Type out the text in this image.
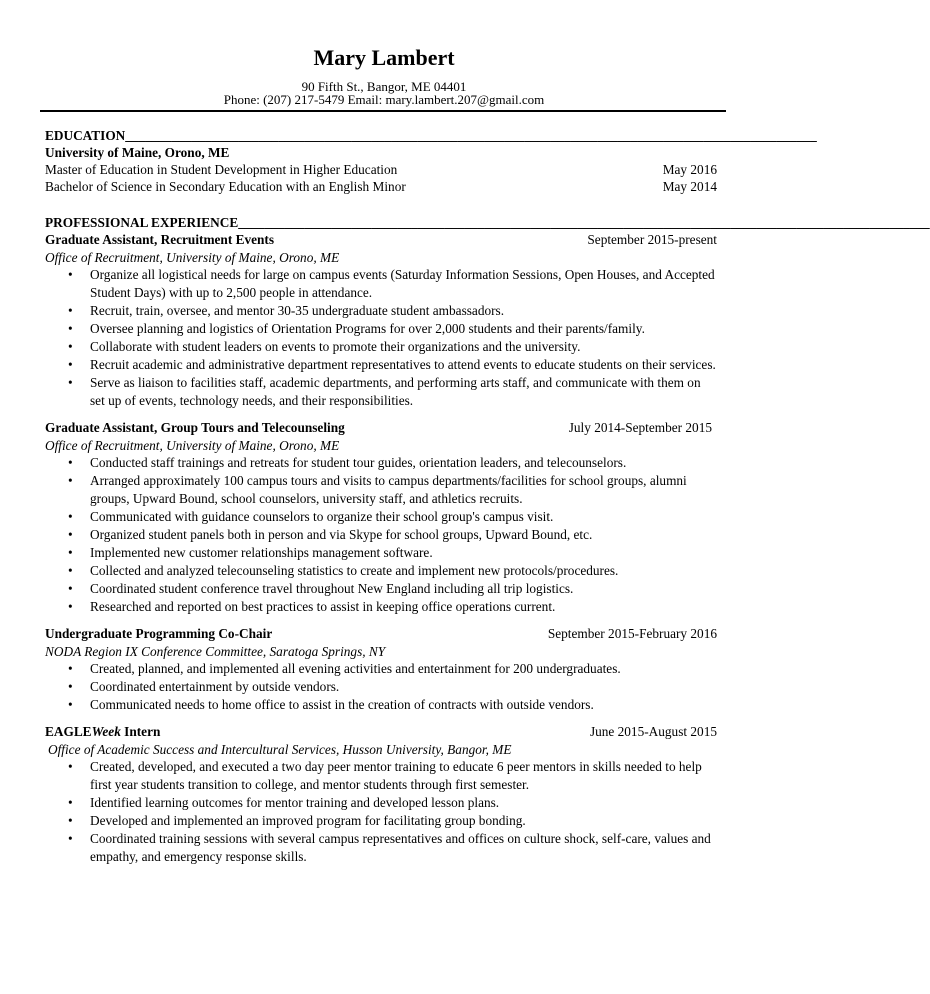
Mary Lambert
90 Fifth St., Bangor, ME 04401
Phone: (207) 217-5479 Email: mary.lambert.207@gmail.com
EDUCATION ________________________________________________________________________________________________________
University of Maine, Orono, ME
Master of Education in Student Development in Higher Education	May 2016
Bachelor of Science in Secondary Education with an English Minor	May 2014
PROFESSIONAL EXPERIENCE ________________________________________________________________________________________________________
Graduate Assistant, Recruitment Events	September 2015-present
Office of Recruitment, University of Maine, Orono, ME
• Organize all logistical needs for large on campus events (Saturday Information Sessions, Open Houses, and Accepted Student Days) with up to 2,500 people in attendance.
• Recruit, train, oversee, and mentor 30-35 undergraduate student ambassadors.
• Oversee planning and logistics of Orientation Programs for over 2,000 students and their parents/family.
• Collaborate with student leaders on events to promote their organizations and the university.
• Recruit academic and administrative department representatives to attend events to educate students on their services.
• Serve as liaison to facilities staff, academic departments, and performing arts staff, and communicate with them on set up of events, technology needs, and their responsibilities.
Graduate Assistant, Group Tours and Telecounseling	July 2014-September 2015
Office of Recruitment, University of Maine, Orono, ME
• Conducted staff trainings and retreats for student tour guides, orientation leaders, and telecounselors.
• Arranged approximately 100 campus tours and visits to campus departments/facilities for school groups, alumni groups, Upward Bound, school counselors, university staff, and athletics recruits.
• Communicated with guidance counselors to organize their school group's campus visit.
• Organized student panels both in person and via Skype for school groups, Upward Bound, etc.
• Implemented new customer relationships management software.
• Collected and analyzed telecounseling statistics to create and implement new protocols/procedures.
• Coordinated student conference travel throughout New England including all trip logistics.
• Researched and reported on best practices to assist in keeping office operations current.
Undergraduate Programming Co-Chair	September 2015-February 2016
NODA Region IX Conference Committee, Saratoga Springs, NY
• Created, planned, and implemented all evening activities and entertainment for 200 undergraduates.
• Coordinated entertainment by outside vendors.
• Communicated needs to home office to assist in the creation of contracts with outside vendors.
EAGLEWeek Intern	June 2015-August 2015
Office of Academic Success and Intercultural Services, Husson University, Bangor, ME
• Created, developed, and executed a two day peer mentor training to educate 6 peer mentors in skills needed to help first year students transition to college, and mentor students through first semester.
• Identified learning outcomes for mentor training and developed lesson plans.
• Developed and implemented an improved program for facilitating group bonding.
• Coordinated training sessions with several campus representatives and offices on culture shock, self-care, values and empathy, and emergency response skills.
